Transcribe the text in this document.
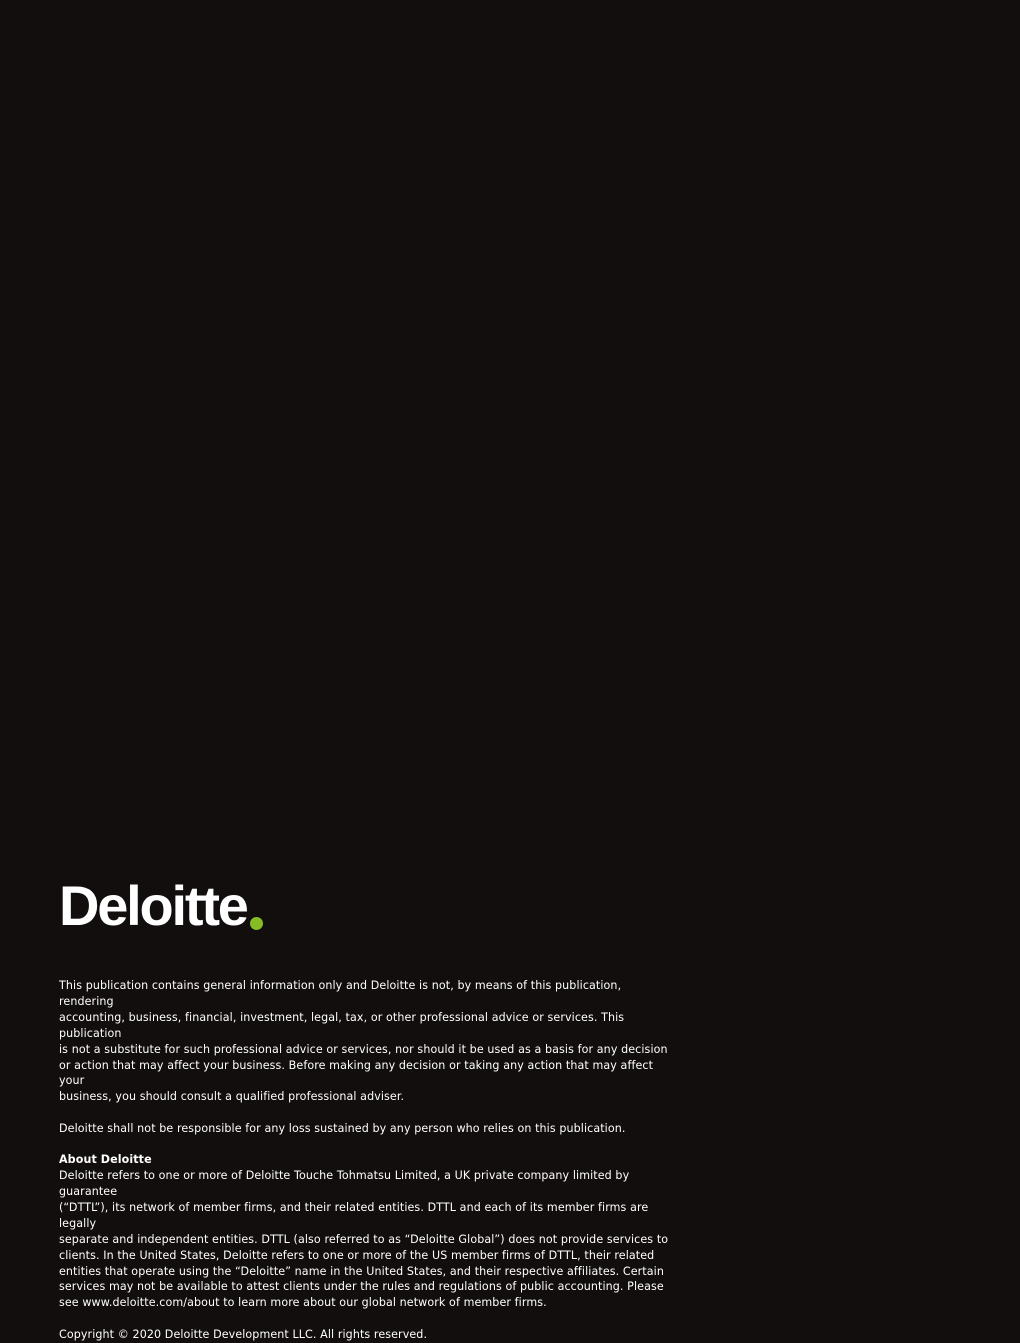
Deloitte

This publication contains general information only and Deloitte is not, by means of this publication, rendering
accounting, business, financial, investment, legal, tax, or other professional advice or services. This publication
is not a substitute for such professional advice or services, nor should it be used as a basis for any decision
or action that may affect your business. Before making any decision or taking any action that may affect your
business, you should consult a qualified professional adviser.

Deloitte shall not be responsible for any loss sustained by any person who relies on this publication.

About Deloitte
Deloitte refers to one or more of Deloitte Touche Tohmatsu Limited, a UK private company limited by guarantee
(“DTTL”), its network of member firms, and their related entities. DTTL and each of its member firms are legally
separate and independent entities. DTTL (also referred to as “Deloitte Global”) does not provide services to
clients. In the United States, Deloitte refers to one or more of the US member firms of DTTL, their related
entities that operate using the “Deloitte” name in the United States, and their respective affiliates. Certain
services may not be available to attest clients under the rules and regulations of public accounting. Please
see www.deloitte.com/about to learn more about our global network of member firms.

Copyright © 2020 Deloitte Development LLC. All rights reserved.
